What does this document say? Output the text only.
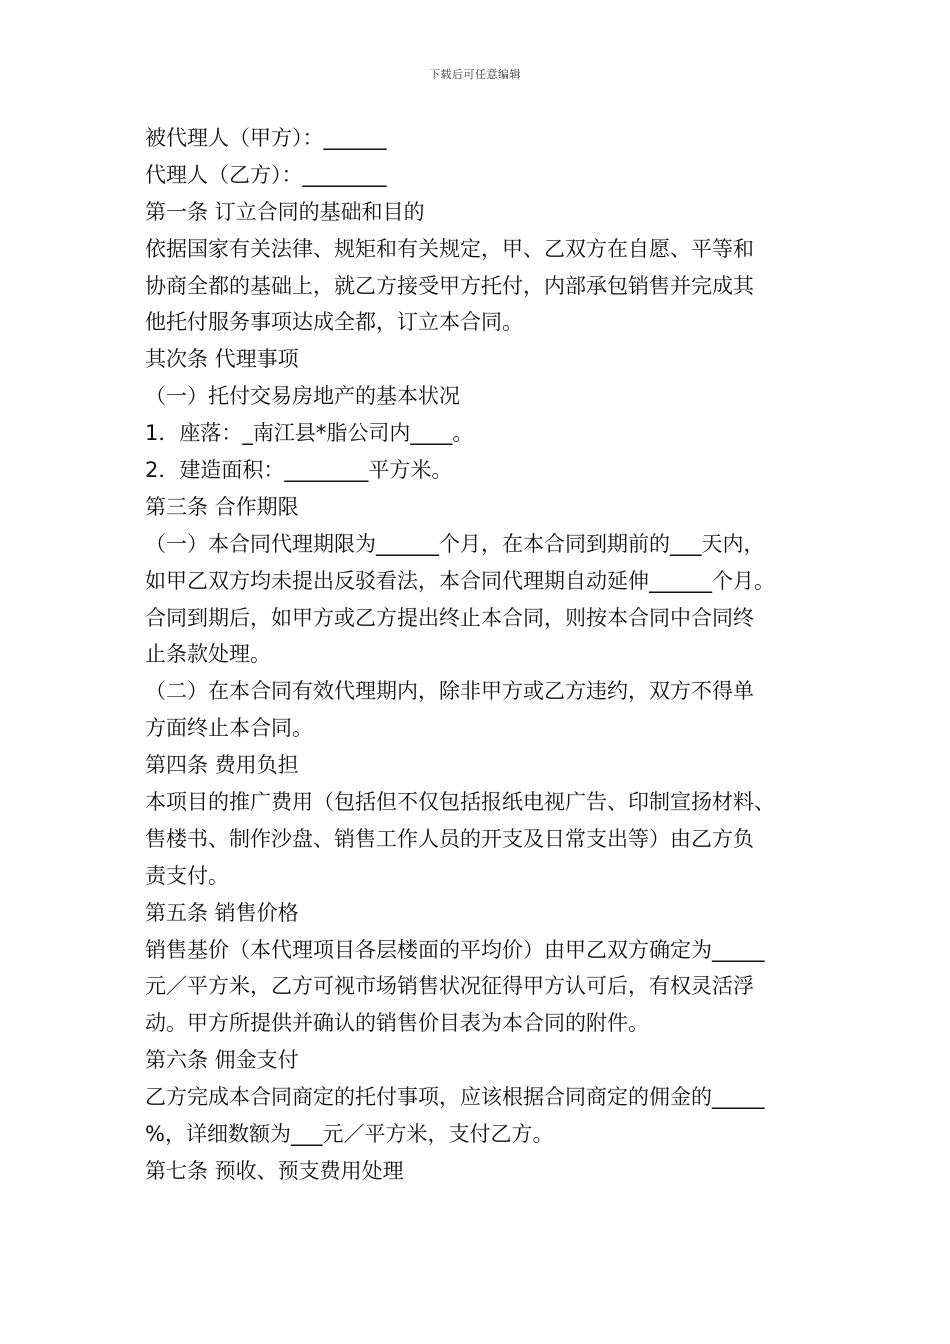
下载后可任意编辑
被代理人（甲方）：______
代理人（乙方）：________
第一条 订立合同的基础和目的
依据国家有关法律、规矩和有关规定，甲、乙双方在自愿、平等和
协商全都的基础上，就乙方接受甲方托付，内部承包销售并完成其
他托付服务事项达成全都，订立本合同。
其次条 代理事项
（一）托付交易房地产的基本状况
1．座落：_南江县*脂公司内____。
2．建造面积：________平方米。
第三条 合作期限
（一）本合同代理期限为______个月，在本合同到期前的___天内，
如甲乙双方均未提出反驳看法，本合同代理期自动延伸______个月。
合同到期后，如甲方或乙方提出终止本合同，则按本合同中合同终
止条款处理。
（二）在本合同有效代理期内，除非甲方或乙方违约，双方不得单
方面终止本合同。
第四条 费用负担
本项目的推广费用（包括但不仅包括报纸电视广告、印制宣扬材料、
售楼书、制作沙盘、销售工作人员的开支及日常支出等）由乙方负
责支付。
第五条 销售价格
销售基价（本代理项目各层楼面的平均价）由甲乙双方确定为_____
元／平方米，乙方可视市场销售状况征得甲方认可后，有权灵活浮
动。甲方所提供并确认的销售价目表为本合同的附件。
第六条 佣金支付
乙方完成本合同商定的托付事项，应该根据合同商定的佣金的_____
%，详细数额为___元／平方米，支付乙方。
第七条 预收、预支费用处理
